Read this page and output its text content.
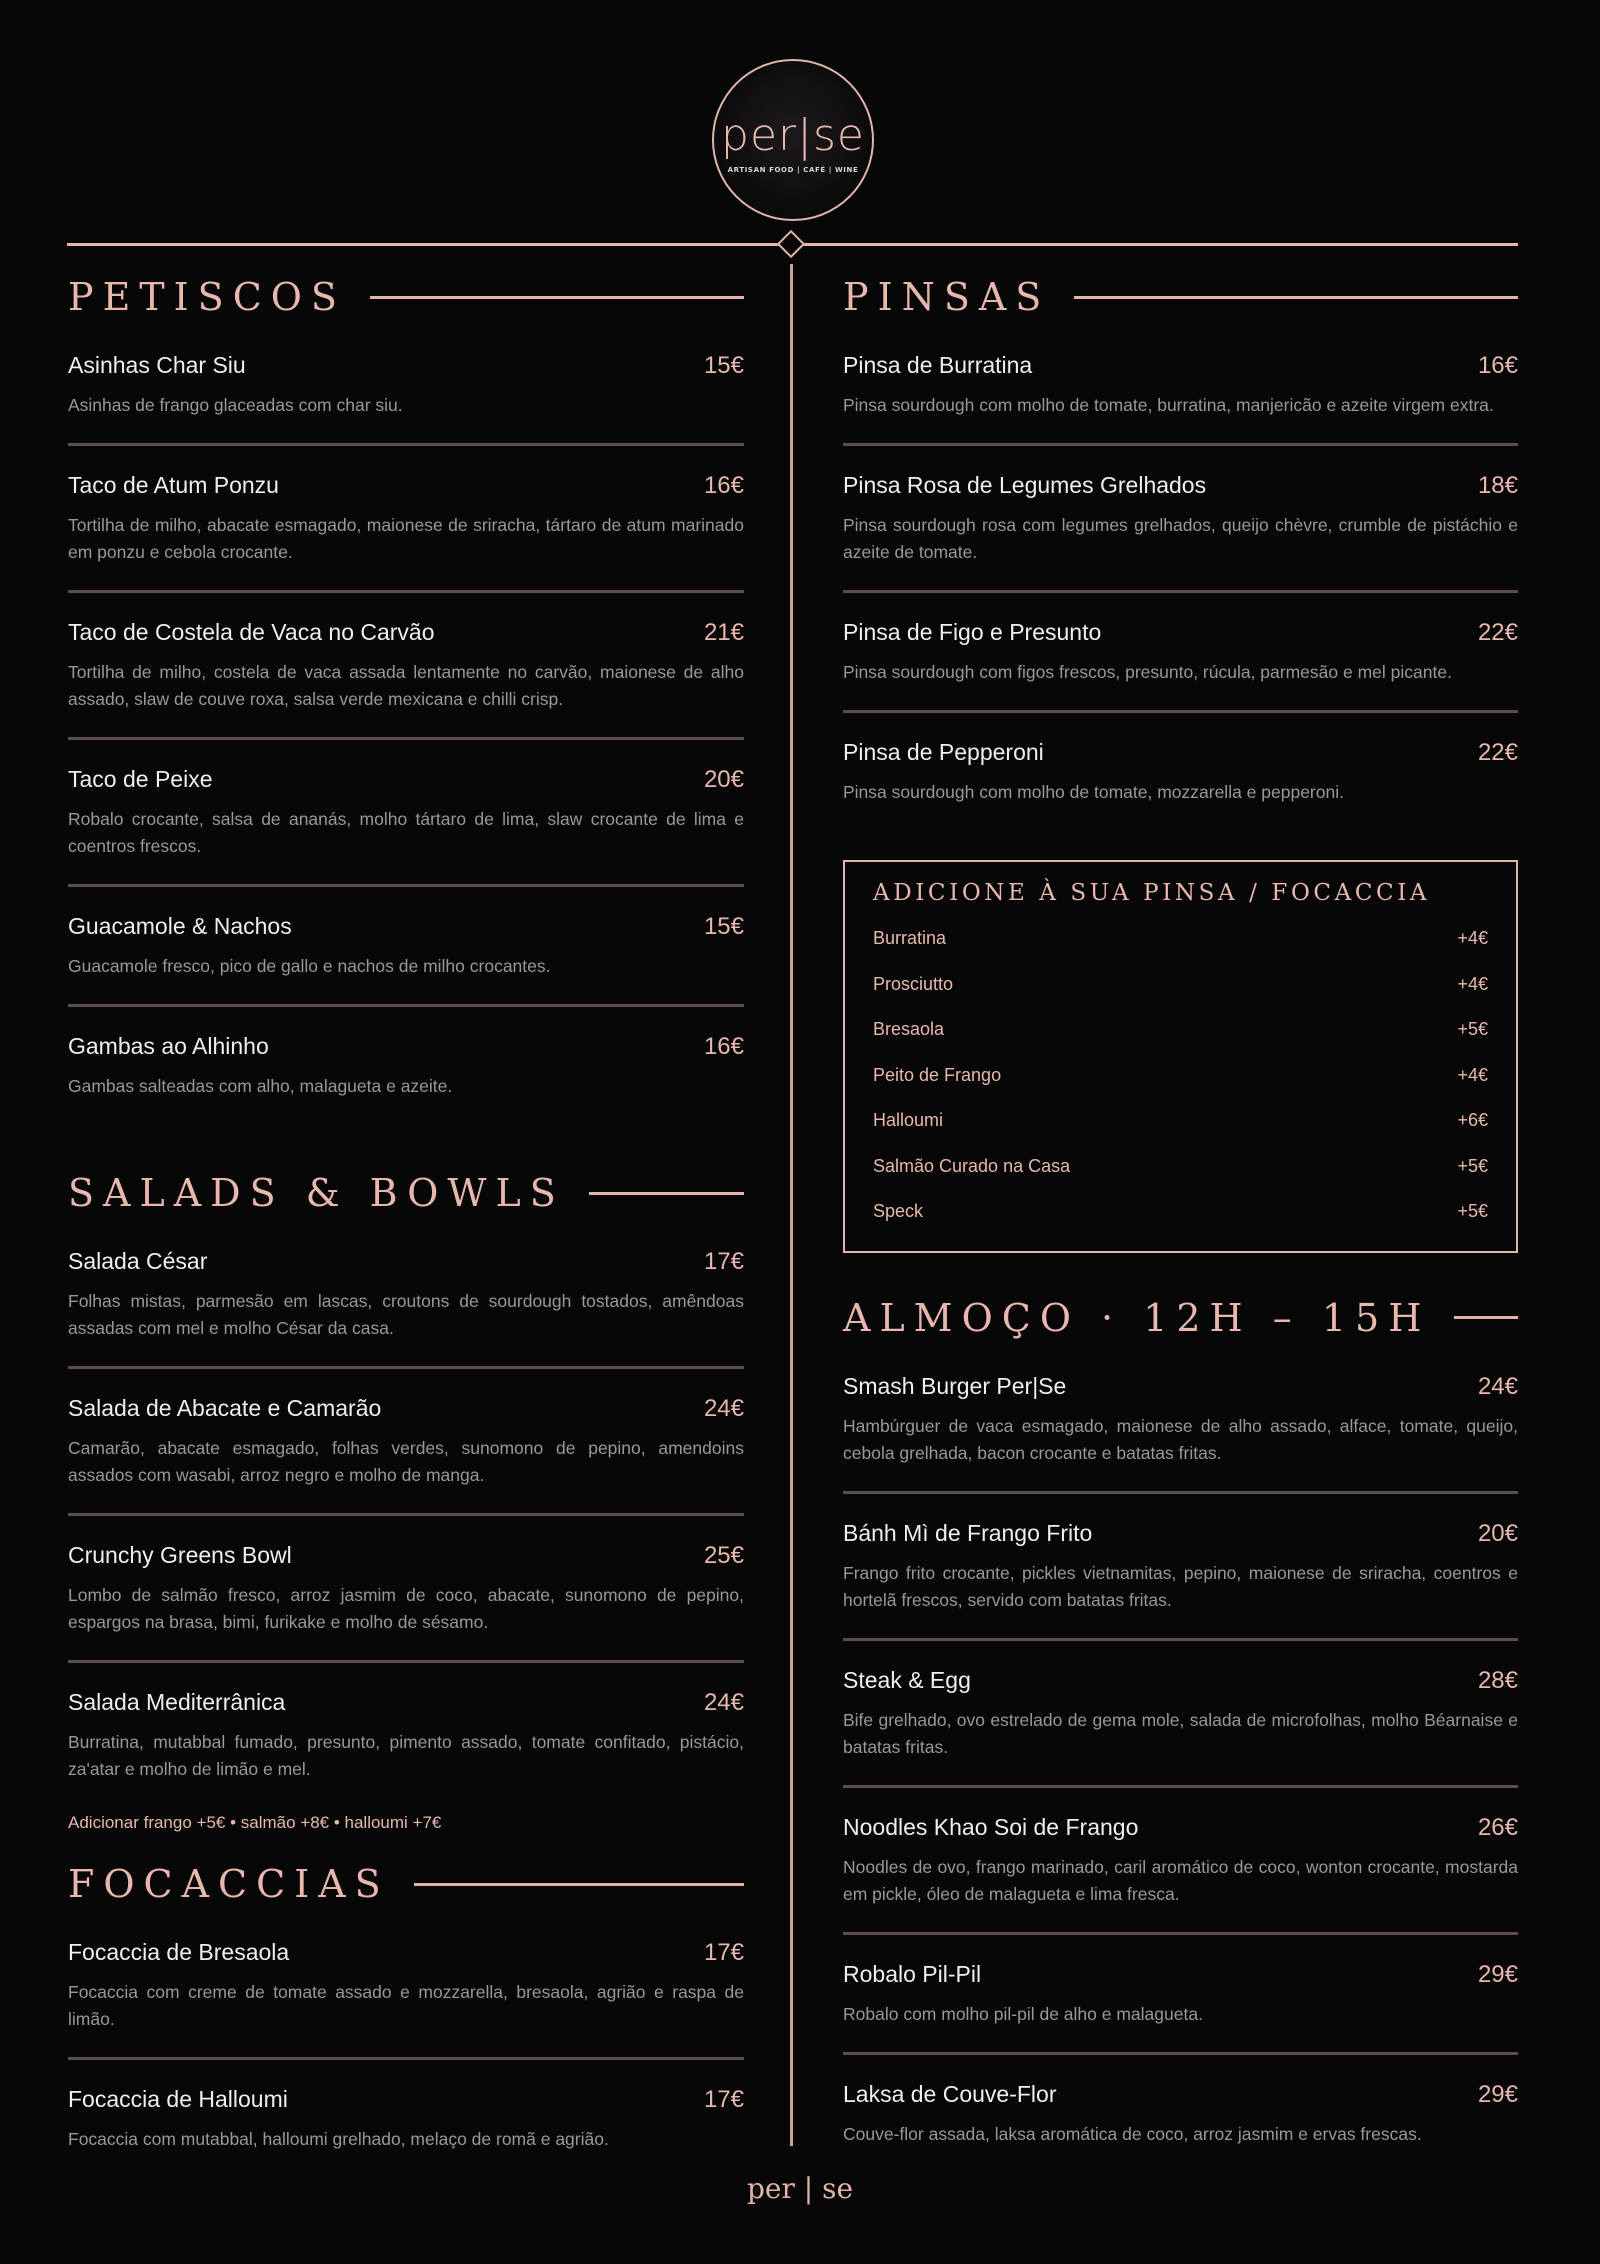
per|se
ARTISAN FOOD | CAFÉ | WINE
PETISCOS
Asinhas Char Siu	15€
Asinhas de frango glaceadas com char siu.
Taco de Atum Ponzu	16€
Tortilha de milho, abacate esmagado, maionese de sriracha, tártaro de atum marinado em ponzu e cebola crocante.
Taco de Costela de Vaca no Carvão	21€
Tortilha de milho, costela de vaca assada lentamente no carvão, maionese de alho assado, slaw de couve roxa, salsa verde mexicana e chilli crisp.
Taco de Peixe	20€
Robalo crocante, salsa de ananás, molho tártaro de lima, slaw crocante de lima e coentros frescos.
Guacamole & Nachos	15€
Guacamole fresco, pico de gallo e nachos de milho crocantes.
Gambas ao Alhinho	16€
Gambas salteadas com alho, malagueta e azeite.
SALADS & BOWLS
Salada César	17€
Folhas mistas, parmesão em lascas, croutons de sourdough tostados, amêndoas assadas com mel e molho César da casa.
Salada de Abacate e Camarão	24€
Camarão, abacate esmagado, folhas verdes, sunomono de pepino, amendoins assados com wasabi, arroz negro e molho de manga.
Crunchy Greens Bowl	25€
Lombo de salmão fresco, arroz jasmim de coco, abacate, sunomono de pepino, espargos na brasa, bimi, furikake e molho de sésamo.
Salada Mediterrânica	24€
Burratina, mutabbal fumado, presunto, pimento assado, tomate confitado, pistácio, za'atar e molho de limão e mel.
Adicionar frango +5€ • salmão +8€ • halloumi +7€
FOCACCIAS
Focaccia de Bresaola	17€
Focaccia com creme de tomate assado e mozzarella, bresaola, agrião e raspa de limão.
Focaccia de Halloumi	17€
Focaccia com mutabbal, halloumi grelhado, melaço de romã e agrião.
PINSAS
Pinsa de Burratina	16€
Pinsa sourdough com molho de tomate, burratina, manjericão e azeite virgem extra.
Pinsa Rosa de Legumes Grelhados	18€
Pinsa sourdough rosa com legumes grelhados, queijo chèvre, crumble de pistáchio e azeite de tomate.
Pinsa de Figo e Presunto	22€
Pinsa sourdough com figos frescos, presunto, rúcula, parmesão e mel picante.
Pinsa de Pepperoni	22€
Pinsa sourdough com molho de tomate, mozzarella e pepperoni.
ADICIONE À SUA PINSA / FOCACCIA
Burratina	+4€
Prosciutto	+4€
Bresaola	+5€
Peito de Frango	+4€
Halloumi	+6€
Salmão Curado na Casa	+5€
Speck	+5€
ALMOÇO · 12H – 15H
Smash Burger Per|Se	24€
Hambúrguer de vaca esmagado, maionese de alho assado, alface, tomate, queijo, cebola grelhada, bacon crocante e batatas fritas.
Bánh Mì de Frango Frito	20€
Frango frito crocante, pickles vietnamitas, pepino, maionese de sriracha, coentros e hortelã frescos, servido com batatas fritas.
Steak & Egg	28€
Bife grelhado, ovo estrelado de gema mole, salada de microfolhas, molho Béarnaise e batatas fritas.
Noodles Khao Soi de Frango	26€
Noodles de ovo, frango marinado, caril aromático de coco, wonton crocante, mostarda em pickle, óleo de malagueta e lima fresca.
Robalo Pil-Pil	29€
Robalo com molho pil-pil de alho e malagueta.
Laksa de Couve-Flor	29€
Couve-flor assada, laksa aromática de coco, arroz jasmim e ervas frescas.
per | se
